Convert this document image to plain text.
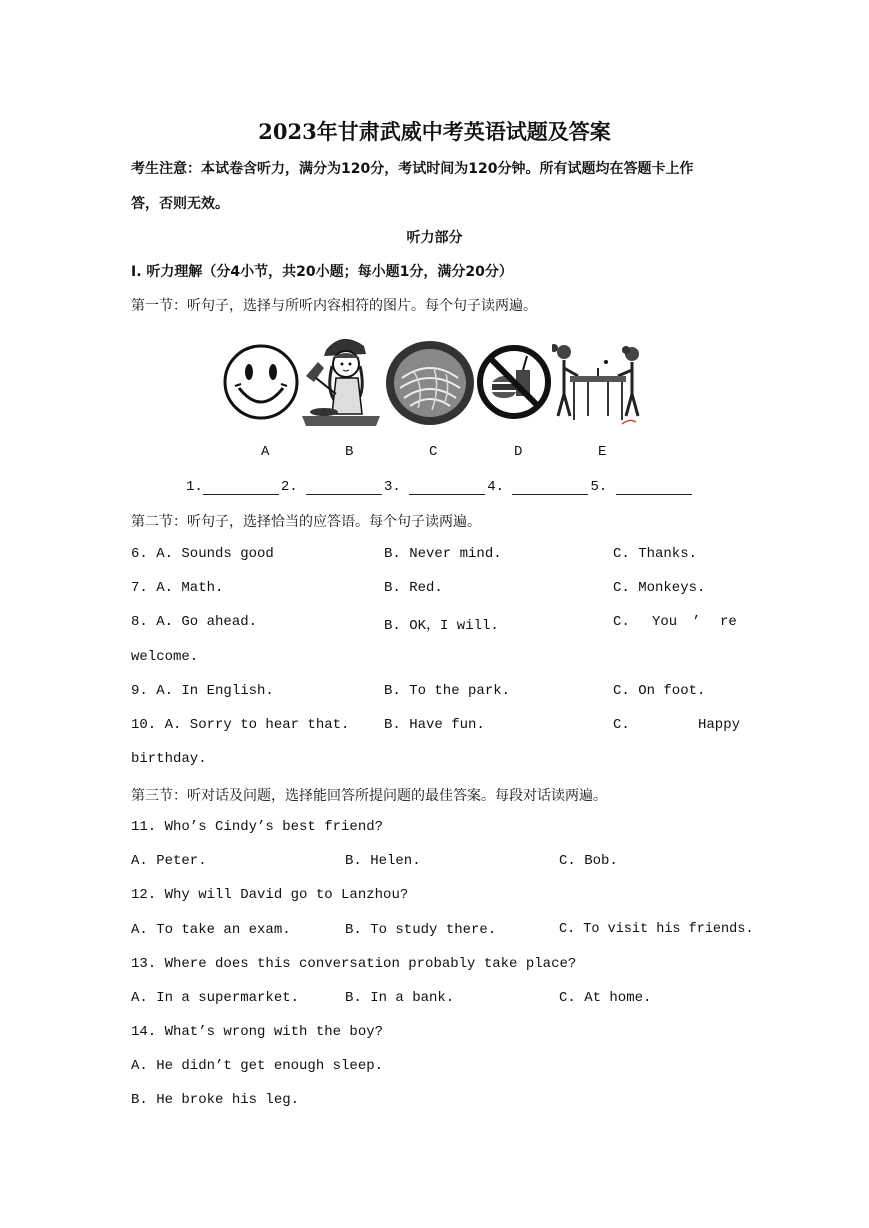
2023年甘肃武威中考英语试题及答案
考生注意：本试卷含听力，满分为120分，考试时间为120分钟。所有试题均在答题卡上作
答，否则无效。
听力部分
Ⅰ. 听力理解（分4小节，共20小题；每小题1分，满分20分）
第一节：听句子，选择与所听内容相符的图片。每个句子读两遍。
A	B	C	D	E
1.	2.	3.	4.	5.
第二节：听句子，选择恰当的应答语。每个句子读两遍。
6. A. Sounds good	B. Never mind.	C. Thanks.
7. A. Math.	B. Red.	C. Monkeys.
8. A. Go ahead.	B. OK，I will.	C. You ’ re
welcome.
9. A. In English.	B. To the park.	C. On foot.
10. A. Sorry to hear that. B. Have fun.	C.	Happy
birthday.
第三节：听对话及问题，选择能回答所提问题的最佳答案。每段对话读两遍。
11. Who’s Cindy’s best friend?
A. Peter.	B. Helen.	C. Bob.
12. Why will David go to Lanzhou?
A. To take an exam.	B. To study there.	C. To visit his friends.
13. Where does this conversation probably take place?
A. In a supermarket.	B. In a bank.	C. At home.
14. What’s wrong with the boy?
A. He didn’t get enough sleep.
B. He broke his leg.
